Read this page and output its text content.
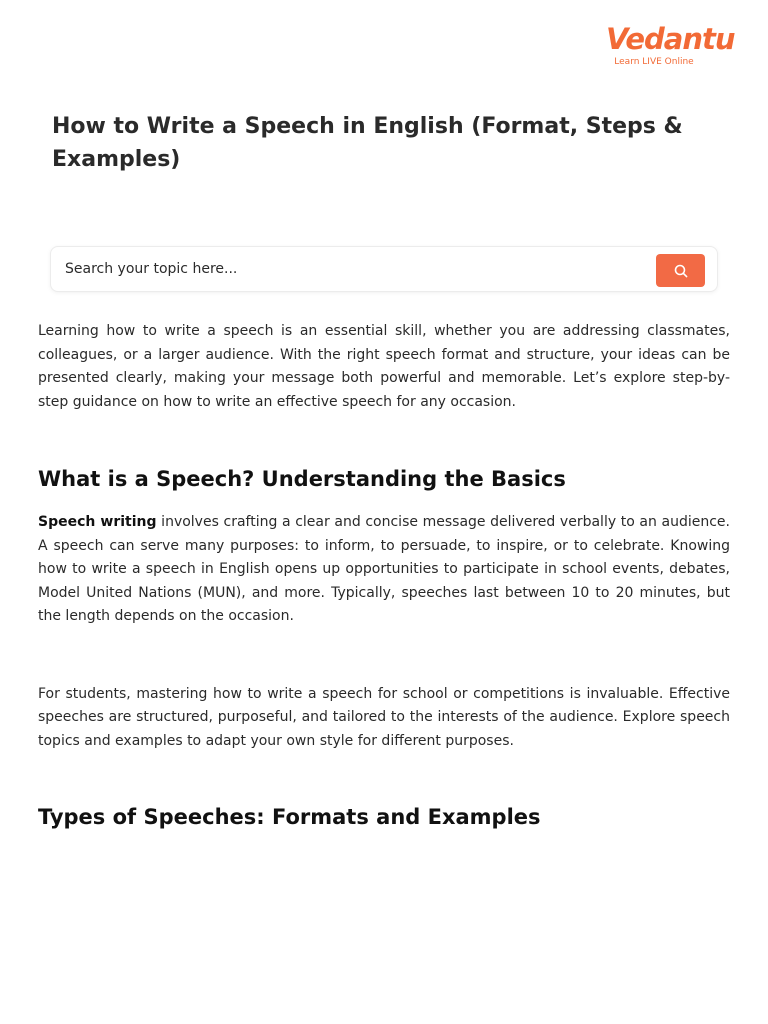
Vedantu
Learn LIVE Online
How to Write a Speech in English (Format, Steps & Examples)
Search your topic here...

Learning how to write a speech is an essential skill, whether you are addressing classmates, colleagues, or a larger audience. With the right speech format and structure, your ideas can be presented clearly, making your message both powerful and memorable. Let’s explore step-by-step guidance on how to write an effective speech for any occasion.

What is a Speech? Understanding the Basics

Speech writing involves crafting a clear and concise message delivered verbally to an audience. A speech can serve many purposes: to inform, to persuade, to inspire, or to celebrate. Knowing how to write a speech in English opens up opportunities to participate in school events, debates, Model United Nations (MUN), and more. Typically, speeches last between 10 to 20 minutes, but the length depends on the occasion.

For students, mastering how to write a speech for school or competitions is invaluable. Effective speeches are structured, purposeful, and tailored to the interests of the audience. Explore speech topics and examples to adapt your own style for different purposes.

Types of Speeches: Formats and Examples
